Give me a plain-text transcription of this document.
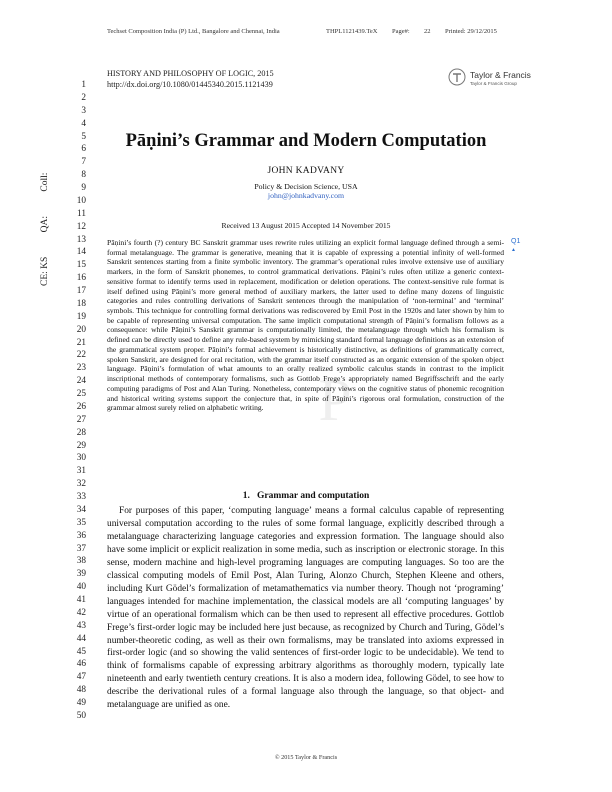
Techset Composition India (P) Ltd., Bangalore and Chennai, India	THPL1121439.TeX Page#: 22 Printed: 29/12/2015
CE: KS QA: Coll:
1
2
3
4
5
6
7
8
9
10
11
12
13
14
15
16
17
18
19
20
21
22
23
24
25
26
27
28
29
30
31
32
33
34
35
36
37
38
39
40
41
42
43
44
45
46
47
48
49
50
HISTORY AND PHILOSOPHY OF LOGIC, 2015
http://dx.doi.org/10.1080/01445340.2015.1121439
Taylor & Francis
Taylor & Francis Group
Pāṇini’s Grammar and Modern Computation
JOHN KADVANY
Policy & Decision Science, USA
john@johnkadvany.com
Received 13 August 2015 Accepted 14 November 2015

Pāṇini’s fourth (?) century BC Sanskrit grammar uses rewrite rules utilizing an explicit formal language defined through a semi-formal metalanguage. The grammar is generative, meaning that it is capable of expressing a potential infinity of well-formed Sanskrit sentences starting from a finite symbolic inventory. The grammar’s operational rules involve extensive use of auxiliary markers, in the form of Sanskrit phonemes, to control grammatical derivations. Pāṇini’s rules often utilize a generic context-sensitive format to identify terms used in replacement, modification or deletion operations. The context-sensitive rule format is itself defined using Pāṇini’s more general method of auxiliary markers, the latter used to define many dozens of linguistic categories and rules controlling derivations of Sanskrit sentences through the manipulation of ‘non-terminal’ and ‘terminal’ symbols. This technique for controlling formal derivations was rediscovered by Emil Post in the 1920s and later shown by him to be capable of representing universal computation. The same implicit computational strength of Pāṇini’s formalism follows as a consequence: while Pāṇini’s Sanskrit grammar is computationally limited, the metalanguage through which his formalism is defined can be directly used to define any rule-based system by mimicking standard formal language definitions as an extension of the grammatical system proper. Pāṇini’s formal achievement is historically distinctive, as definitions of grammatically correct, spoken Sanskrit, are designed for oral recitation, with the grammar itself constructed as an organic extension of the spoken object language. Pāṇini’s formulation of what amounts to an orally realized symbolic calculus stands in contrast to the implicit inscriptional methods of contemporary formalisms, such as Gottlob Frege’s appropriately named Begriffsschrift and the early computing paradigms of Post and Alan Turing. Nonetheless, contemporary views on the cognitive status of phonemic recognition and historical writing systems support the conjecture that, in spite of Pāṇini’s rigorous oral formulation, construction of the grammar almost surely relied on alphabetic writing.

Q1
▲
P
1. Grammar and computation

For purposes of this paper, ‘computing language’ means a formal calculus capable of representing universal computation according to the rules of some formal language, explicitly described through a metalanguage characterizing language categories and expression formation. The language should also have some implicit or explicit realization in some media, such as inscription or electronic storage. In this sense, modern machine and high-level programing languages are computing languages. So too are the classical computing models of Emil Post, Alan Turing, Alonzo Church, Stephen Kleene and others, including Kurt Gödel’s formalization of metamathematics via number theory. Though not ‘programing’ languages intended for machine implementation, the classical models are all ‘computing languages’ by virtue of an operational formalism which can be then used to represent all effective procedures. Gottlob Frege’s first-order logic may be included here just because, as recognized by Church and Turing, Gödel’s number-theoretic coding, as well as their own formalisms, may be translated into axioms expressed in first-order logic (and so showing the valid sentences of first-order logic to be undecidable). We tend to think of formalisms capable of expressing arbitrary algorithms as thoroughly modern, typically late nineteenth and early twentieth century creations. It is also a modern idea, following Gödel, to see how to describe the derivational rules of a formal language also through the language, so that object- and metalanguage are unified as one.

© 2015 Taylor & Francis
